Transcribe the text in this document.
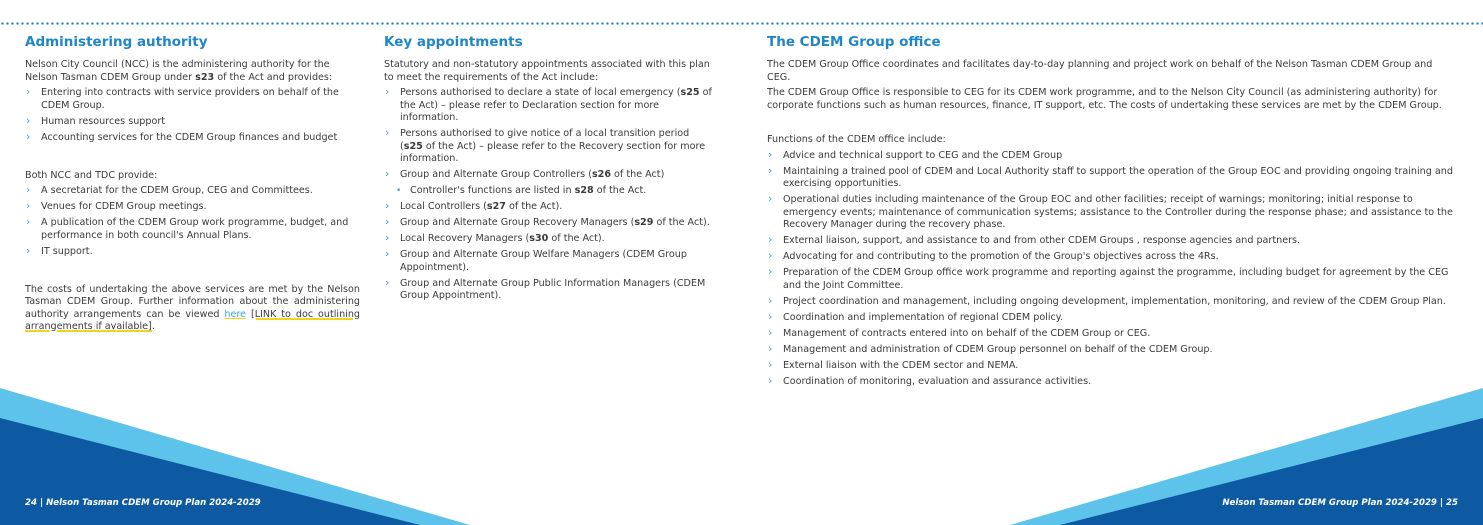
Administering authority

Nelson City Council (NCC) is the administering authority for the Nelson Tasman CDEM Group under s23 of the Act and provides:

› Entering into contracts with service providers on behalf of the CDEM Group.
› Human resources support
› Accounting services for the CDEM Group finances and budget

Both NCC and TDC provide:

› A secretariat for the CDEM Group, CEG and Committees.
› Venues for CDEM Group meetings.
› A publication of the CDEM Group work programme, budget, and performance in both council's Annual Plans.
› IT support.

The costs of undertaking the above services are met by the Nelson Tasman CDEM Group. Further information about the administering authority arrangements can be viewed here [LINK to doc outlining arrangements if available].

Key appointments

Statutory and non-statutory appointments associated with this plan to meet the requirements of the Act include:

› Persons authorised to declare a state of local emergency (s25 of the Act) – please refer to Declaration section for more information.
› Persons authorised to give notice of a local transition period (s25 of the Act) – please refer to the Recovery section for more information.
› Group and Alternate Group Controllers (s26 of the Act)
• Controller's functions are listed in s28 of the Act.
› Local Controllers (s27 of the Act).
› Group and Alternate Group Recovery Managers (s29 of the Act).
› Local Recovery Managers (s30 of the Act).
› Group and Alternate Group Welfare Managers (CDEM Group Appointment).
› Group and Alternate Group Public Information Managers (CDEM Group Appointment).
The CDEM Group office

The CDEM Group Office coordinates and facilitates day-to-day planning and project work on behalf of the Nelson Tasman CDEM Group and CEG.

The CDEM Group Office is responsible to CEG for its CDEM work programme, and to the Nelson City Council (as administering authority) for corporate functions such as human resources, finance, IT support, etc. The costs of undertaking these services are met by the CDEM Group.

Functions of the CDEM office include:

› Advice and technical support to CEG and the CDEM Group
› Maintaining a trained pool of CDEM and Local Authority staff to support the operation of the Group EOC and providing ongoing training and exercising opportunities.
› Operational duties including maintenance of the Group EOC and other facilities; receipt of warnings; monitoring; initial response to emergency events; maintenance of communication systems; assistance to the Controller during the response phase; and assistance to the Recovery Manager during the recovery phase.
› External liaison, support, and assistance to and from other CDEM Groups , response agencies and partners.
› Advocating for and contributing to the promotion of the Group's objectives across the 4Rs.
› Preparation of the CDEM Group office work programme and reporting against the programme, including budget for agreement by the CEG and the Joint Committee.
› Project coordination and management, including ongoing development, implementation, monitoring, and review of the CDEM Group Plan.
› Coordination and implementation of regional CDEM policy.
› Management of contracts entered into on behalf of the CDEM Group or CEG.
› Management and administration of CDEM Group personnel on behalf of the CDEM Group.
› External liaison with the CDEM sector and NEMA.
› Coordination of monitoring, evaluation and assurance activities.
24 | Nelson Tasman CDEM Group Plan 2024-2029	Nelson Tasman CDEM Group Plan 2024-2029 | 25
